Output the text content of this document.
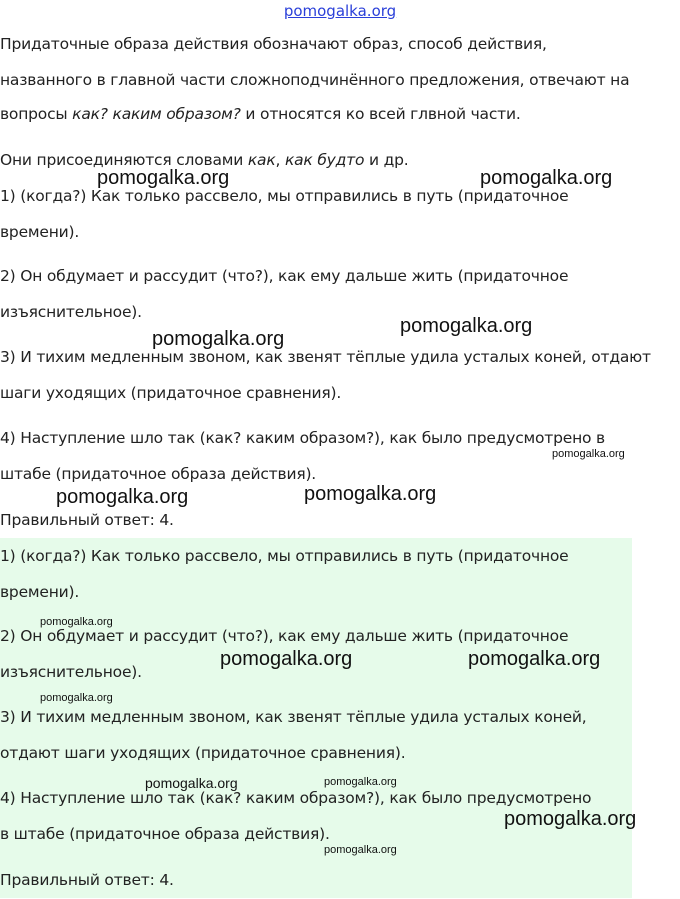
pomogalka.org

Придаточные образа действия обозначают образ, способ действия,

названного в главной части сложноподчинённого предложения, отвечают на

вопросы как? каким образом? и относятся ко всей глвной части.

Они присоединяются словами как, как будто и др.

1) (когда?) Как только рассвело, мы отправились в путь (придаточное

времени).

2) Он обдумает и рассудит (что?), как ему дальше жить (придаточное

изъяснительное).

3) И тихим медленным звоном, как звенят тёплые удила усталых коней, отдают

шаги уходящих (придаточное сравнения).

4) Наступление шло так (как? каким образом?), как было предусмотрено в

штабе (придаточное образа действия).

Правильный ответ: 4.

1) (когда?) Как только рассвело, мы отправились в путь (придаточное

времени).

2) Он обдумает и рассудит (что?), как ему дальше жить (придаточное

изъяснительное).

3) И тихим медленным звоном, как звенят тёплые удила усталых коней,

отдают шаги уходящих (придаточное сравнения).

4) Наступление шло так (как? каким образом?), как было предусмотрено

в штабе (придаточное образа действия).

Правильный ответ: 4.

pomogalka.org	pomogalka.org
pomogalka.org
pomogalka.org
pomogalka.org
pomogalka.org	pomogalka.org
pomogalka.org
pomogalka.org	pomogalka.org
pomogalka.org
pomogalka.org	pomogalka.org
pomogalka.org
pomogalka.org
